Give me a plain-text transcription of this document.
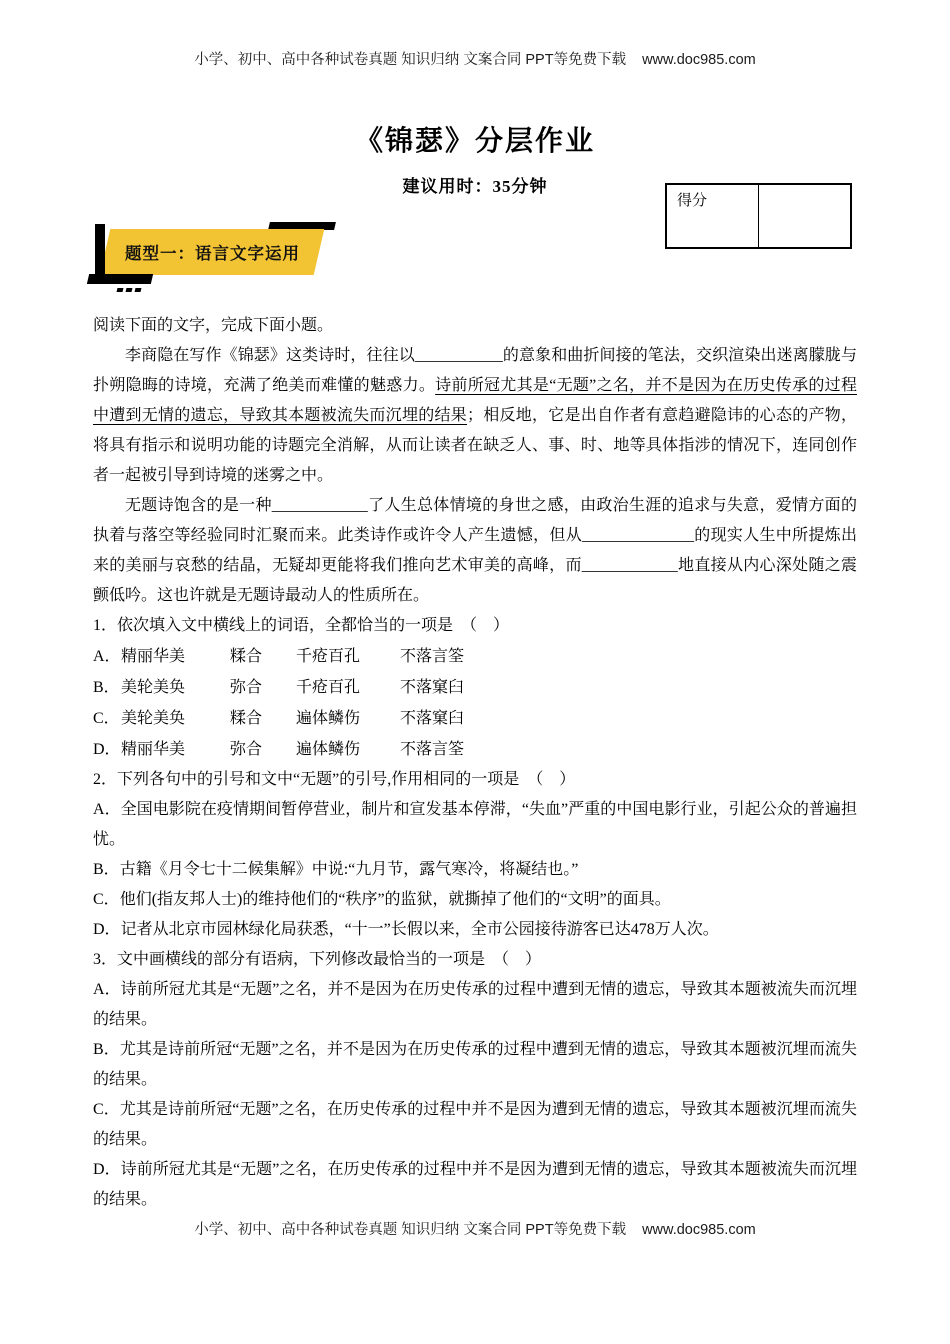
小学、初中、高中各种试卷真题 知识归纳 文案合同 PPT等免费下载 www.doc985.com
《锦瑟》分层作业
建议用时：35分钟
得分
题型一：语言文字运用

阅读下面的文字，完成下面小题。

李商隐在写作《锦瑟》这类诗时，往往以___________的意象和曲折间接的笔法，交织渲染出迷离朦胧与扑朔隐晦的诗境，充满了绝美而难懂的魅惑力。诗前所冠尤其是“无题”之名，并不是因为在历史传承的过程中遭到无情的遗忘，导致其本题被流失而沉埋的结果；相反地，它是出自作者有意趋避隐讳的心态的产物，将具有指示和说明功能的诗题完全消解，从而让读者在缺乏人、事、时、地等具体指涉的情况下，连同创作者一起被引导到诗境的迷雾之中。

无题诗饱含的是一种____________了人生总体情境的身世之感，由政治生涯的追求与失意，爱情方面的执着与落空等经验同时汇聚而来。此类诗作或许令人产生遗憾，但从______________的现实人生中所提炼出来的美丽与哀愁的结晶，无疑却更能将我们推向艺术审美的高峰，而____________地直接从内心深处随之震颤低吟。这也许就是无题诗最动人的性质所在。

1．依次填入文中横线上的词语，全都恰当的一项是　（　）

A． 精丽华美	糅合	千疮百孔	不落言筌
B． 美轮美奂	弥合	千疮百孔	不落窠臼
C． 美轮美奂	糅合	遍体鳞伤	不落窠臼
D． 精丽华美	弥合	遍体鳞伤	不落言筌

2．下列各句中的引号和文中“无题”的引号,作用相同的一项是　（　）

A．全国电影院在疫情期间暂停营业，制片和宣发基本停滞，“失血”严重的中国电影行业，引起公众的普遍担忧。

B．古籍《月令七十二候集解》中说:“九月节，露气寒冷，将凝结也。”

C．他们(指友邦人士)的维持他们的“秩序”的监狱，就撕掉了他们的“文明”的面具。

D．记者从北京市园林绿化局获悉，“十一”长假以来，全市公园接待游客已达478万人次。

3．文中画横线的部分有语病，下列修改最恰当的一项是　（　）

A．诗前所冠尤其是“无题”之名，并不是因为在历史传承的过程中遭到无情的遗忘，导致其本题被流失而沉埋的结果。

B．尤其是诗前所冠“无题”之名，并不是因为在历史传承的过程中遭到无情的遗忘，导致其本题被沉埋而流失的结果。

C．尤其是诗前所冠“无题”之名，在历史传承的过程中并不是因为遭到无情的遗忘，导致其本题被沉埋而流失的结果。

D．诗前所冠尤其是“无题”之名，在历史传承的过程中并不是因为遭到无情的遗忘，导致其本题被流失而沉埋的结果。

小学、初中、高中各种试卷真题 知识归纳 文案合同 PPT等免费下载 www.doc985.com
